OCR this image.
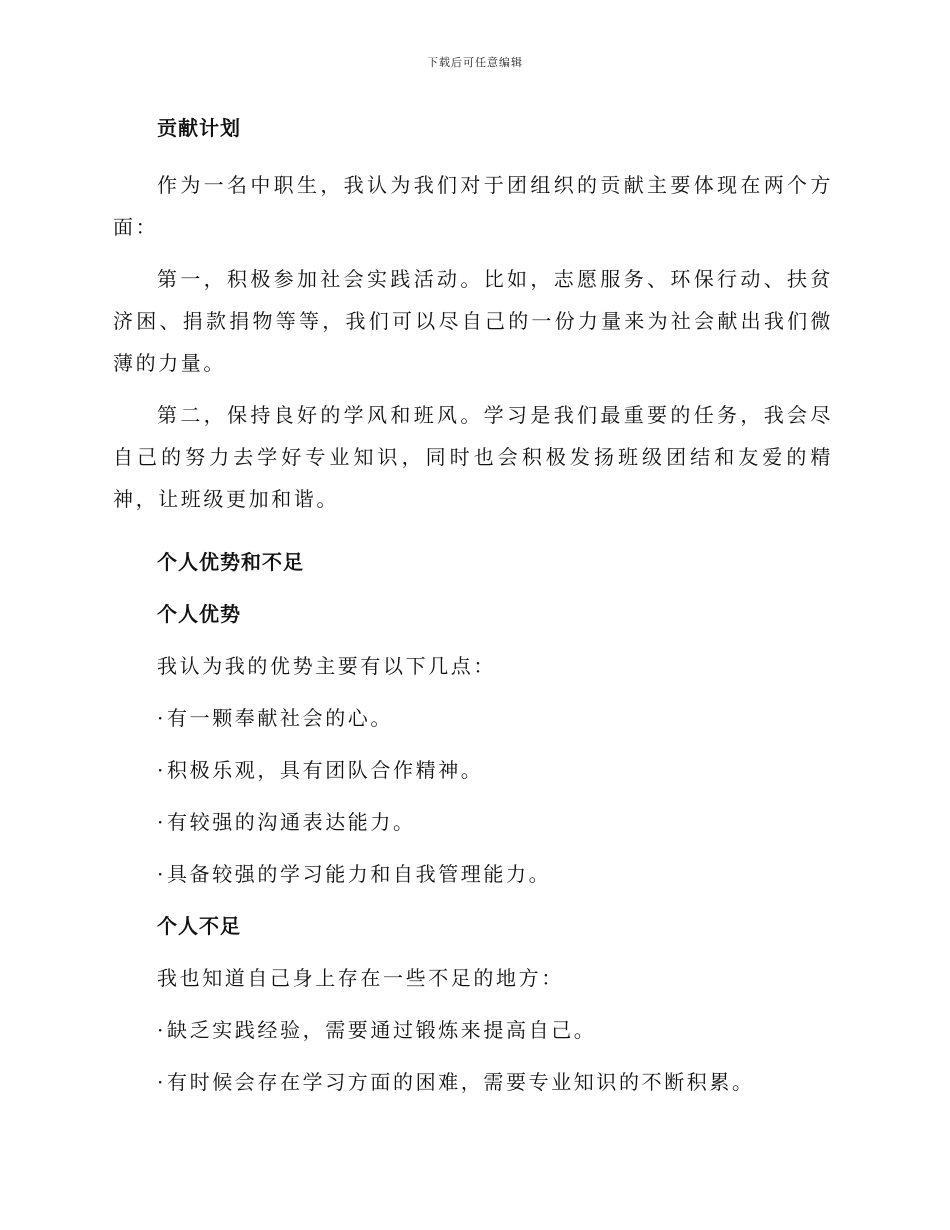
下载后可任意编辑
贡献计划

作为一名中职生，我认为我们对于团组织的贡献主要体现在两个方面：

第一，积极参加社会实践活动。比如，志愿服务、环保行动、扶贫济困、捐款捐物等等，我们可以尽自己的一份力量来为社会献出我们微薄的力量。

第二，保持良好的学风和班风。学习是我们最重要的任务，我会尽自己的努力去学好专业知识，同时也会积极发扬班级团结和友爱的精神，让班级更加和谐。

个人优势和不足
个人优势

我认为我的优势主要有以下几点：

·有一颗奉献社会的心。

·积极乐观，具有团队合作精神。

·有较强的沟通表达能力。

·具备较强的学习能力和自我管理能力。

个人不足

我也知道自己身上存在一些不足的地方：

·缺乏实践经验，需要通过锻炼来提高自己。

·有时候会存在学习方面的困难，需要专业知识的不断积累。
